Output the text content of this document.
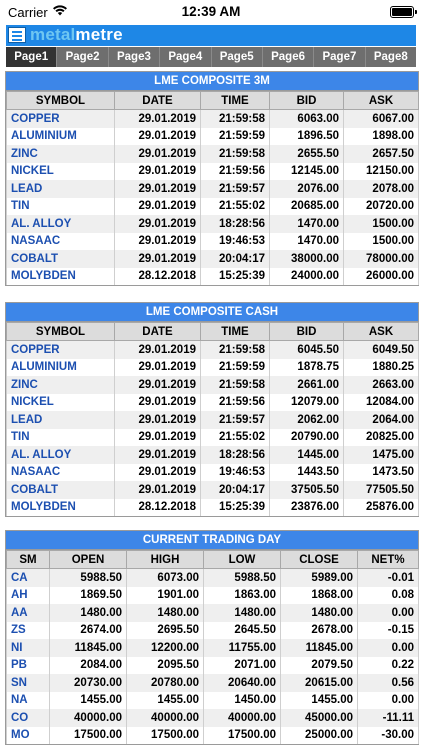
Carrier	12:39 AM
metalmetre
Page1	Page2	Page3	Page4	Page5	Page6	Page7	Page8
LME COMPOSITE 3M
SYMBOL	DATE	TIME	BID	ASK
COPPER	29.01.2019	21:59:58	6063.00	6067.00
ALUMINIUM	29.01.2019	21:59:59	1896.50	1898.00
ZINC	29.01.2019	21:59:58	2655.50	2657.50
NICKEL	29.01.2019	21:59:56	12145.00	12150.00
LEAD	29.01.2019	21:59:57	2076.00	2078.00
TIN	29.01.2019	21:55:02	20685.00	20720.00
AL. ALLOY	29.01.2019	18:28:56	1470.00	1500.00
NASAAC	29.01.2019	19:46:53	1470.00	1500.00
COBALT	29.01.2019	20:04:17	38000.00	78000.00
MOLYBDEN	28.12.2018	15:25:39	24000.00	26000.00
LME COMPOSITE CASH
SYMBOL	DATE	TIME	BID	ASK
COPPER	29.01.2019	21:59:58	6045.50	6049.50
ALUMINIUM	29.01.2019	21:59:59	1878.75	1880.25
ZINC	29.01.2019	21:59:58	2661.00	2663.00
NICKEL	29.01.2019	21:59:56	12079.00	12084.00
LEAD	29.01.2019	21:59:57	2062.00	2064.00
TIN	29.01.2019	21:55:02	20790.00	20825.00
AL. ALLOY	29.01.2019	18:28:56	1445.00	1475.00
NASAAC	29.01.2019	19:46:53	1443.50	1473.50
COBALT	29.01.2019	20:04:17	37505.50	77505.50
MOLYBDEN	28.12.2018	15:25:39	23876.00	25876.00
CURRENT TRADING DAY
SM	OPEN	HIGH	LOW	CLOSE	NET%
CA	5988.50	6073.00	5988.50	5989.00	-0.01
AH	1869.50	1901.00	1863.00	1868.00	0.08
AA	1480.00	1480.00	1480.00	1480.00	0.00
ZS	2674.00	2695.50	2645.50	2678.00	-0.15
NI	11845.00	12200.00	11755.00	11845.00	0.00
PB	2084.00	2095.50	2071.00	2079.50	0.22
SN	20730.00	20780.00	20640.00	20615.00	0.56
NA	1455.00	1455.00	1450.00	1455.00	0.00
CO	40000.00	40000.00	40000.00	45000.00	-11.11
MO	17500.00	17500.00	17500.00	25000.00	-30.00
